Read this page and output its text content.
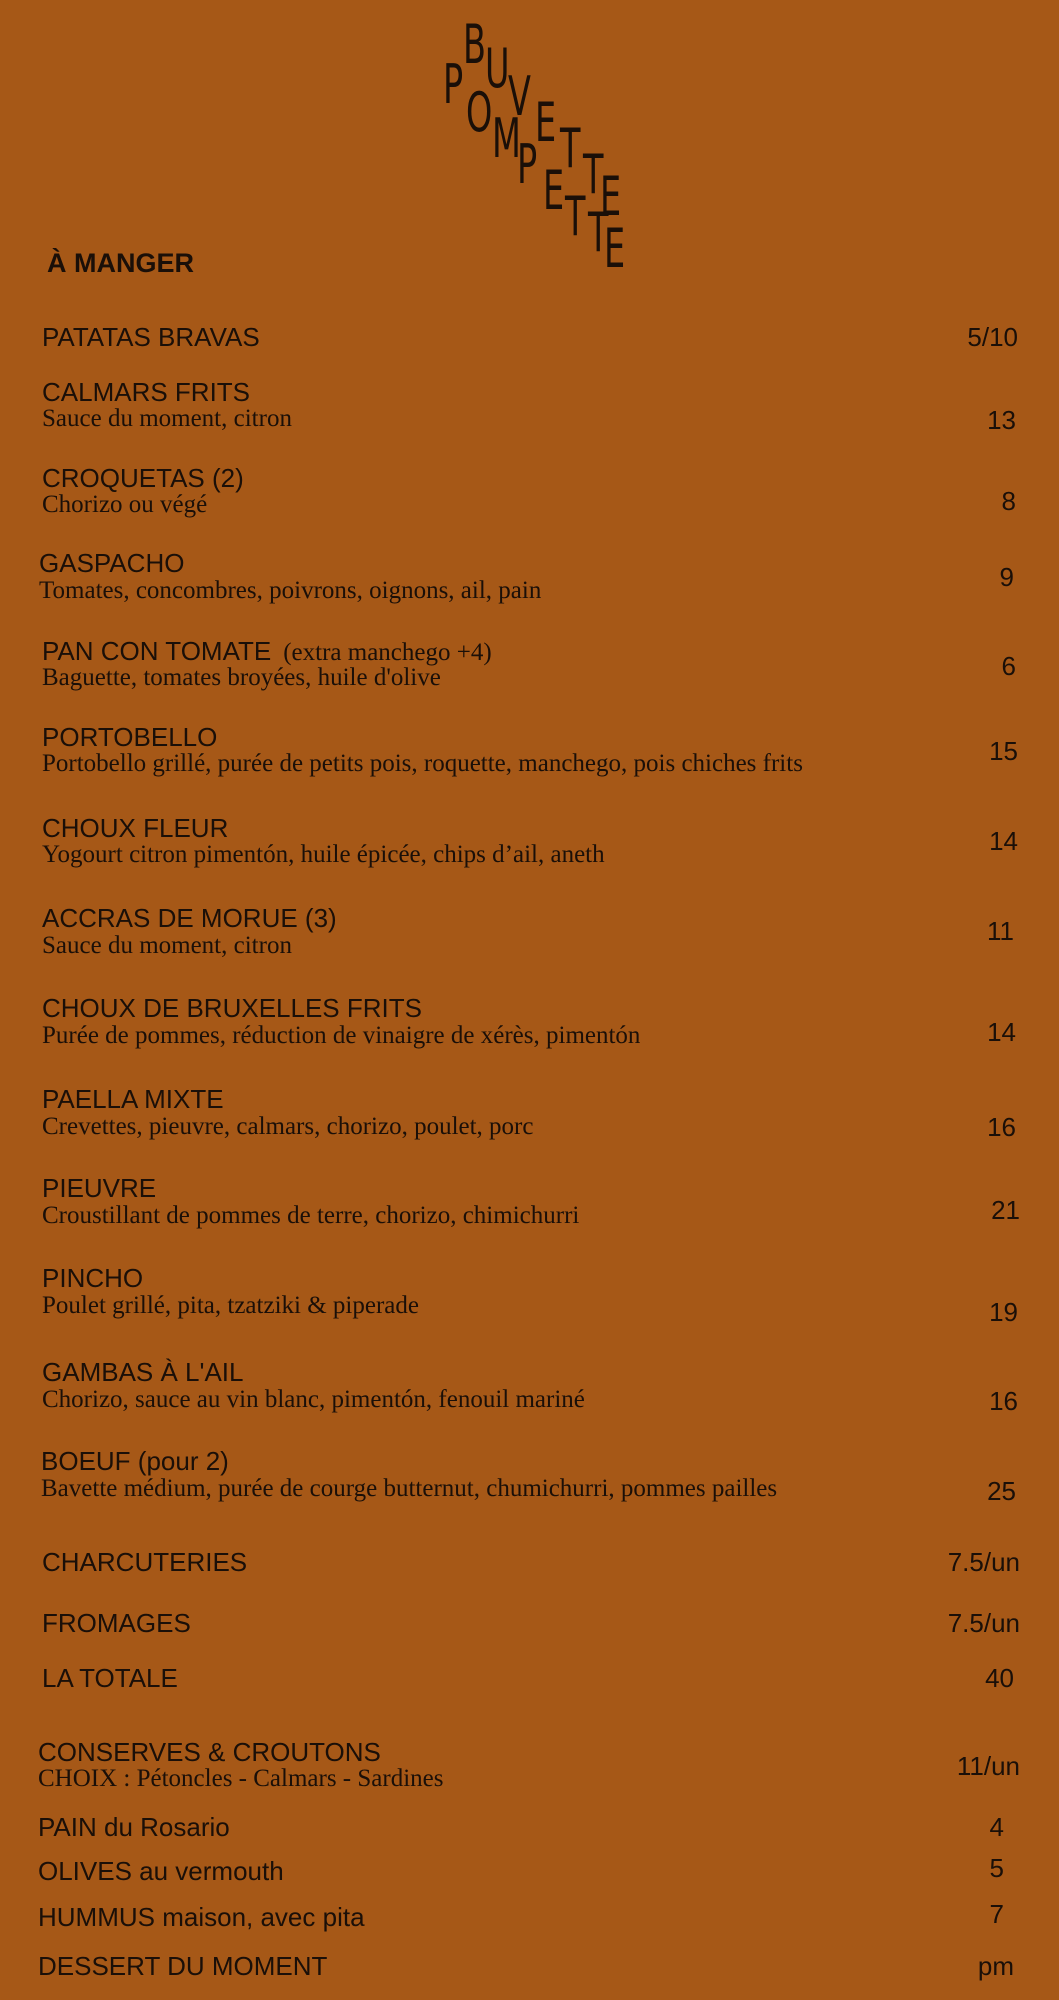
B U
V E T T
E
P O M
P E T T
E
À MANGER
PATATAS BRAVAS	5/10
CALMARS FRITS
Sauce du moment, citron	13
CROQUETAS (2)
Chorizo ou végé	8
GASPACHO
Tomates, concombres, poivrons, oignons, ail, pain	9
PAN CON TOMATE (extra manchego +4)
Baguette, tomates broyées, huile d'olive	6
PORTOBELLO
Portobello grillé, purée de petits pois, roquette, manchego, pois chiches frits	15
CHOUX FLEUR
Yogourt citron pimentón, huile épicée, chips d’ail, aneth	14
ACCRAS DE MORUE (3)
Sauce du moment, citron	11
CHOUX DE BRUXELLES FRITS
Purée de pommes, réduction de vinaigre de xérès, pimentón	14
PAELLA MIXTE
Crevettes, pieuvre, calmars, chorizo, poulet, porc	16
PIEUVRE
Croustillant de pommes de terre, chorizo, chimichurri	21
PINCHO
Poulet grillé, pita, tzatziki & piperade	19
GAMBAS À L'AIL
Chorizo, sauce au vin blanc, pimentón, fenouil mariné	16
BOEUF (pour 2)
Bavette médium, purée de courge butternut, chumichurri, pommes pailles	25
CHARCUTERIES	7.5/un
FROMAGES	7.5/un
LA TOTALE	40
CONSERVES & CROUTONS
CHOIX : Pétoncles - Calmars - Sardines	11/un
PAIN du Rosario	4
OLIVES au vermouth	5
HUMMUS maison, avec pita	7
DESSERT DU MOMENT	pm
